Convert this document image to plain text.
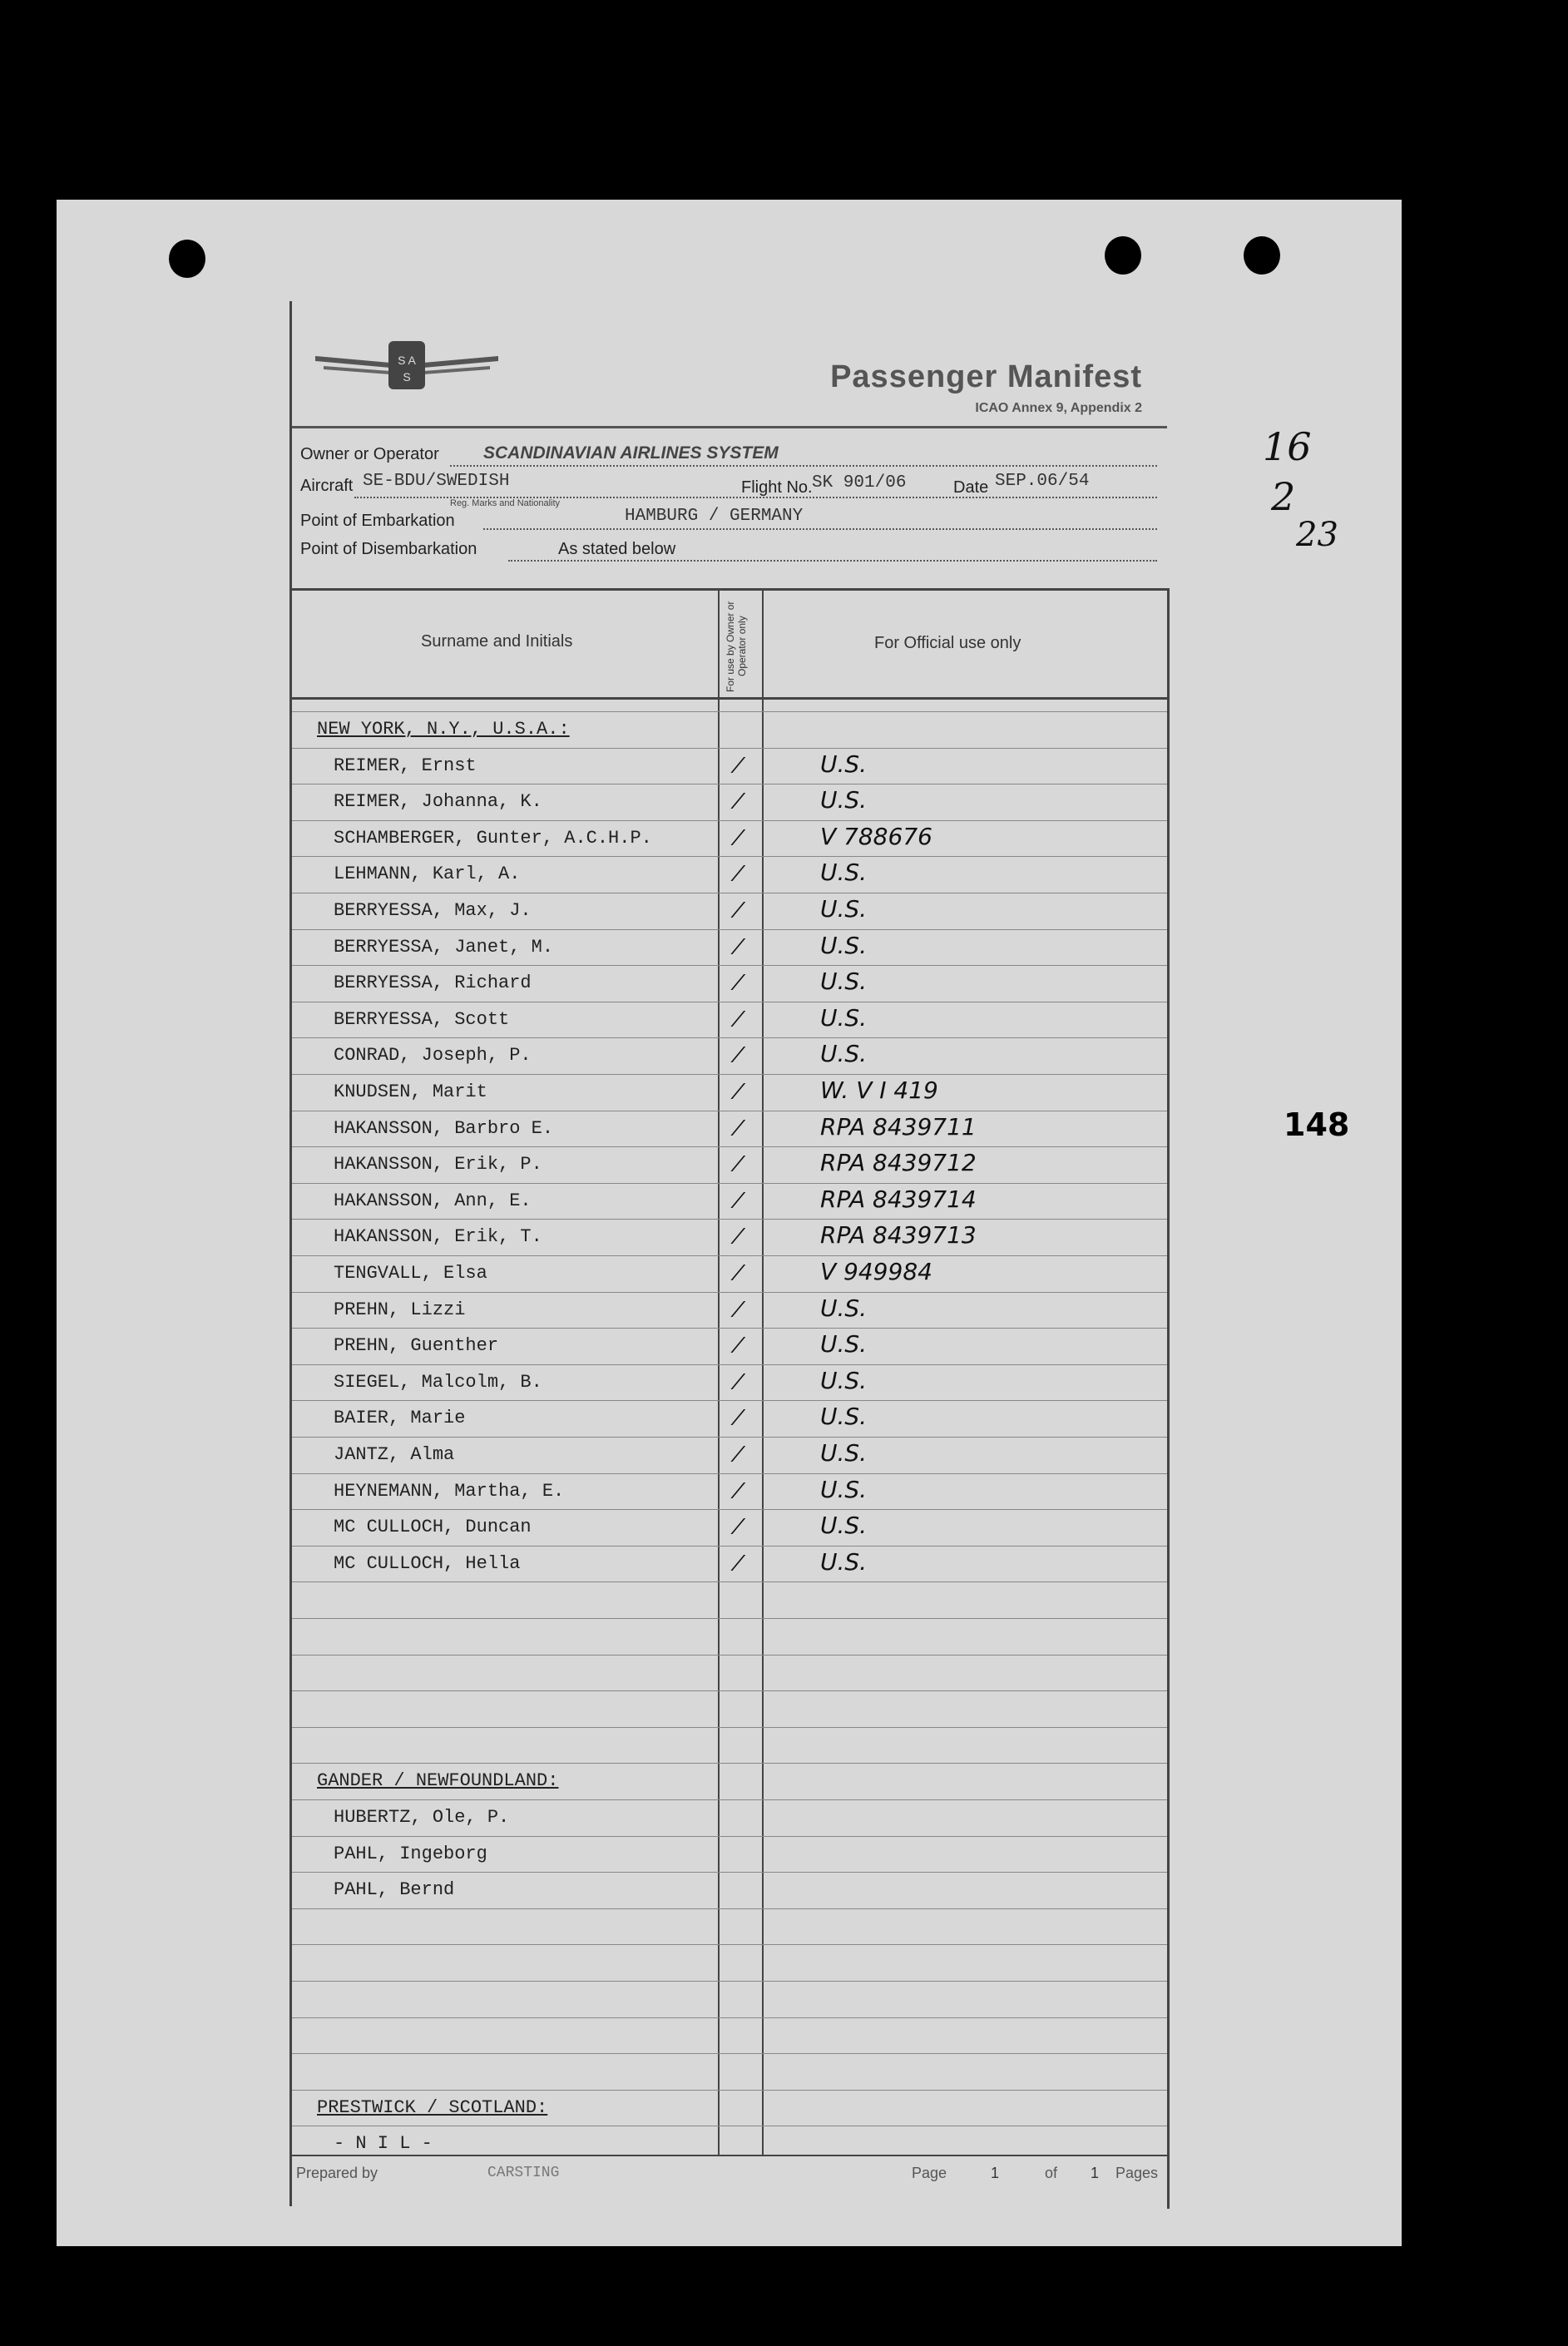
S A
S	Passenger Manifest
ICAO Annex 9, Appendix 2
Owner or Operator	SCANDINAVIAN AIRLINES SYSTEM
Aircraft SE-BDU/SWEDISH
Reg. Marks and Nationality
Flight No. SK 901/06	Date SEP.06/54
Point of Embarkation	HAMBURG / GERMANY
Point of Disembarkation	As stated below
Surname and Initials	For use by Owner or Operator only	For Official use only
NEW YORK, N.Y., U.S.A.:
REIMER, Ernst	⁄	U.S.
REIMER, Johanna, K.	⁄	U.S.
SCHAMBERGER, Gunter, A.C.H.P.	⁄	V 788676
LEHMANN, Karl, A.	⁄	U.S.
BERRYESSA, Max, J.	⁄	U.S.
BERRYESSA, Janet, M.	⁄	U.S.
BERRYESSA, Richard	⁄	U.S.
BERRYESSA, Scott	⁄	U.S.
CONRAD, Joseph, P.	⁄	U.S.
KNUDSEN, Marit	⁄	W. V I 419
HAKANSSON, Barbro E.	⁄	RPA 8439711
HAKANSSON, Erik, P.	⁄	RPA 8439712
HAKANSSON, Ann, E.	⁄	RPA 8439714
HAKANSSON, Erik, T.	⁄	RPA 8439713
TENGVALL, Elsa	⁄	V 949984
PREHN, Lizzi	⁄	U.S.
PREHN, Guenther	⁄	U.S.
SIEGEL, Malcolm, B.	⁄	U.S.
BAIER, Marie	⁄	U.S.
JANTZ, Alma	⁄	U.S.
HEYNEMANN, Martha, E.	⁄	U.S.
MC CULLOCH, Duncan	⁄	U.S.
MC CULLOCH, Hella	⁄	U.S.
GANDER / NEWFOUNDLAND:
HUBERTZ, Ole, P.
PAHL, Ingeborg
PAHL, Bernd
PRESTWICK / SCOTLAND:
- N I L -
Prepared by	CARSTING	Page	1	of 1 Pages
16
2
23
148
